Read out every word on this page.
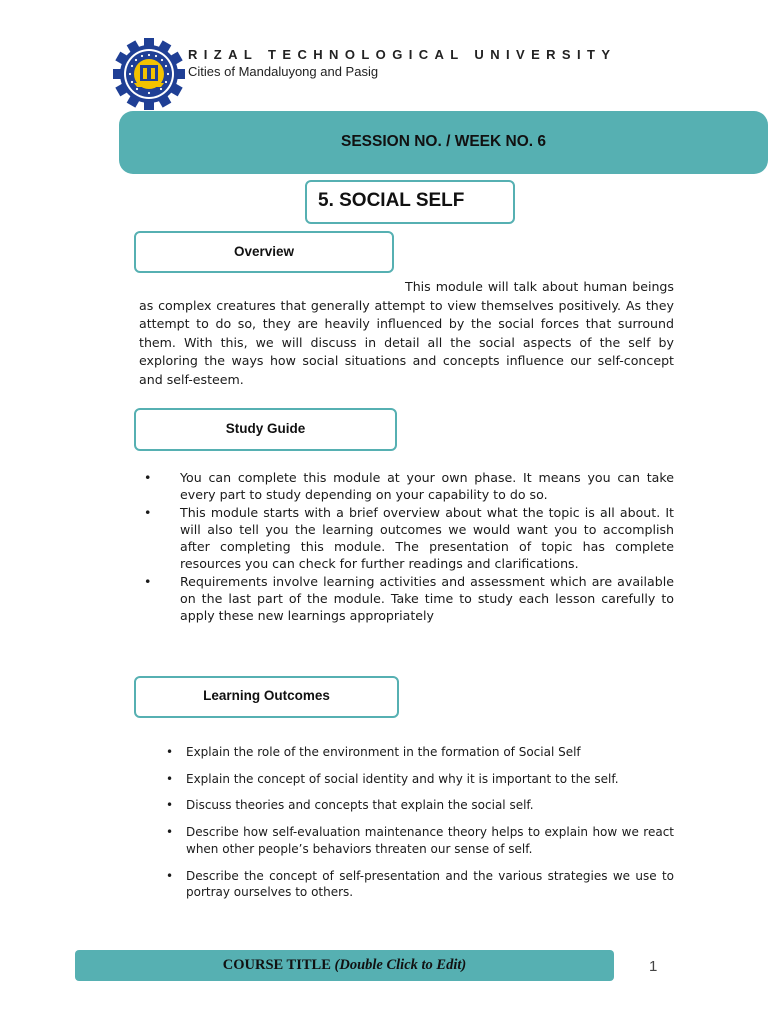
RIZAL TECHNOLOGICAL UNIVERSITY
Cities of Mandaluyong and Pasig
SESSION NO. / WEEK NO. 6
5. SOCIAL SELF
Overview
This module will talk about human beings as complex creatures that generally attempt to view themselves positively. As they attempt to do so, they are heavily influenced by the social forces that surround them. With this, we will discuss in detail all the social aspects of the self by exploring the ways how social situations and concepts influence our self-concept and self-esteem.
Study Guide
• You can complete this module at your own phase. It means you can take every part to study depending on your capability to do so.
• This module starts with a brief overview about what the topic is all about. It will also tell you the learning outcomes we would want you to accomplish after completing this module. The presentation of topic has complete resources you can check for further readings and clarifications.
• Requirements involve learning activities and assessment which are available on the last part of the module. Take time to study each lesson carefully to apply these new learnings appropriately
Learning Outcomes
• Explain the role of the environment in the formation of Social Self
• Explain the concept of social identity and why it is important to the self.
• Discuss theories and concepts that explain the social self.
• Describe how self-evaluation maintenance theory helps to explain how we react when other people’s behaviors threaten our sense of self.
• Describe the concept of self-presentation and the various strategies we use to portray ourselves to others.
COURSE TITLE (Double Click to Edit)	1
